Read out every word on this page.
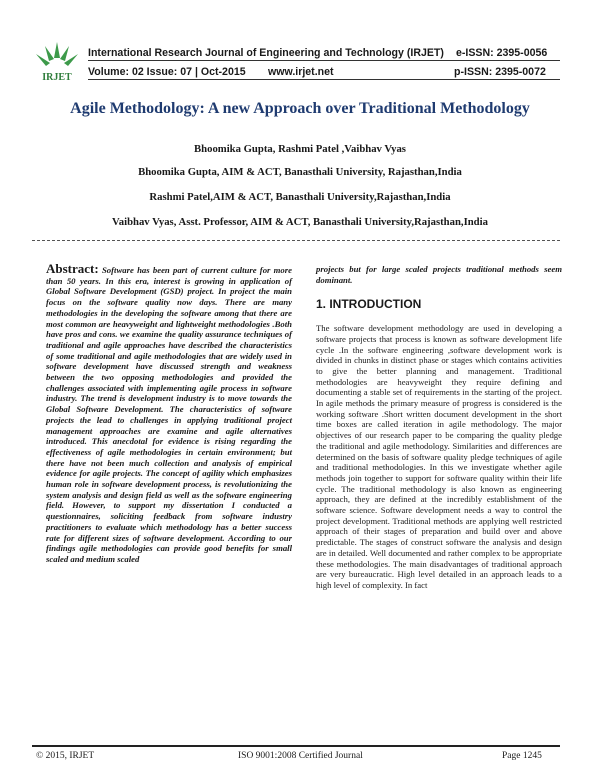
IRJET
International Research Journal of Engineering and Technology (IRJET) e-ISSN: 2395-0056
Volume: 02 Issue: 07 | Oct-2015 www.irjet.net	p-ISSN: 2395-0072
Agile Methodology: A new Approach over Traditional Methodology
Bhoomika Gupta, Rashmi Patel ,Vaibhav Vyas
Bhoomika Gupta, AIM & ACT, Banasthali University, Rajasthan,India
Rashmi Patel,AIM & ACT, Banasthali University,Rajasthan,India
Vaibhav Vyas, Asst. Professor, AIM & ACT, Banasthali University,Rajasthan,India
Abstract: Software has been part of current culture for more than 50 years. In this era, interest is growing in application of Global Software Development (GSD) project. In project the main focus on the software quality now days. There are many methodologies in the developing the software among that there are most common are heavyweight and lightweight methodologies .Both have pros and cons. we examine the quality assurance techniques of traditional and agile approaches have described the characteristics of some traditional and agile methodologies that are widely used in software development have discussed strength and weakness between the two opposing methodologies and provided the challenges associated with implementing agile process in software industry. The trend is development industry is to move towards the Global Software Development. The characteristics of software projects the lead to challenges in applying traditional project management approaches are examine and agile alternatives introduced. This anecdotal for evidence is rising regarding the effectiveness of agile methodologies in certain environment; but there have not been much collection and analysis of empirical evidence for agile projects. The concept of agility which emphasizes human role in software development process, is revolutionizing the system analysis and design field as well as the software engineering field. However, to support my dissertation I conducted a questionnaires, soliciting feedback from software industry practitioners to evaluate which methodology has a better success rate for different sizes of software development. According to our findings agile methodologies can provide good benefits for small scaled and medium scaled
projects but for large scaled projects traditional methods seem dominant.
1. INTRODUCTION
The software development methodology are used in developing a software projects that process is known as software development life cycle .In the software engineering ,software development work is divided in chunks in distinct phase or stages which contains activities to give the better planning and management. Traditional methodologies are heavyweight they require defining and documenting a stable set of requirements in the starting of the project. In agile methods the primary measure of progress is considered is the working software .Short written document development in the short time boxes are called iteration in agile methodology. The major objectives of our research paper to be comparing the quality pledge the traditional and agile methodology. Similarities and differences are determined on the basis of software quality pledge techniques of agile and traditional methodologies. In this we investigate whether agile methods join together to support for software quality within their life cycle. The traditional methodology is also known as engineering approach, they are defined at the incredibly establishment of the software science. Software development needs a way to control the project development. Traditional methods are applying well restricted approach of their stages of preparation and build over and above predictable. The stages of construct software the analysis and design are in detailed. Well documented and rather complex to be appropriate these methodologies. The main disadvantages of traditional approach are very bureaucratic. High level detailed in an approach leads to a high level of complexity. In fact
© 2015, IRJET	ISO 9001:2008 Certified Journal	Page 1245
